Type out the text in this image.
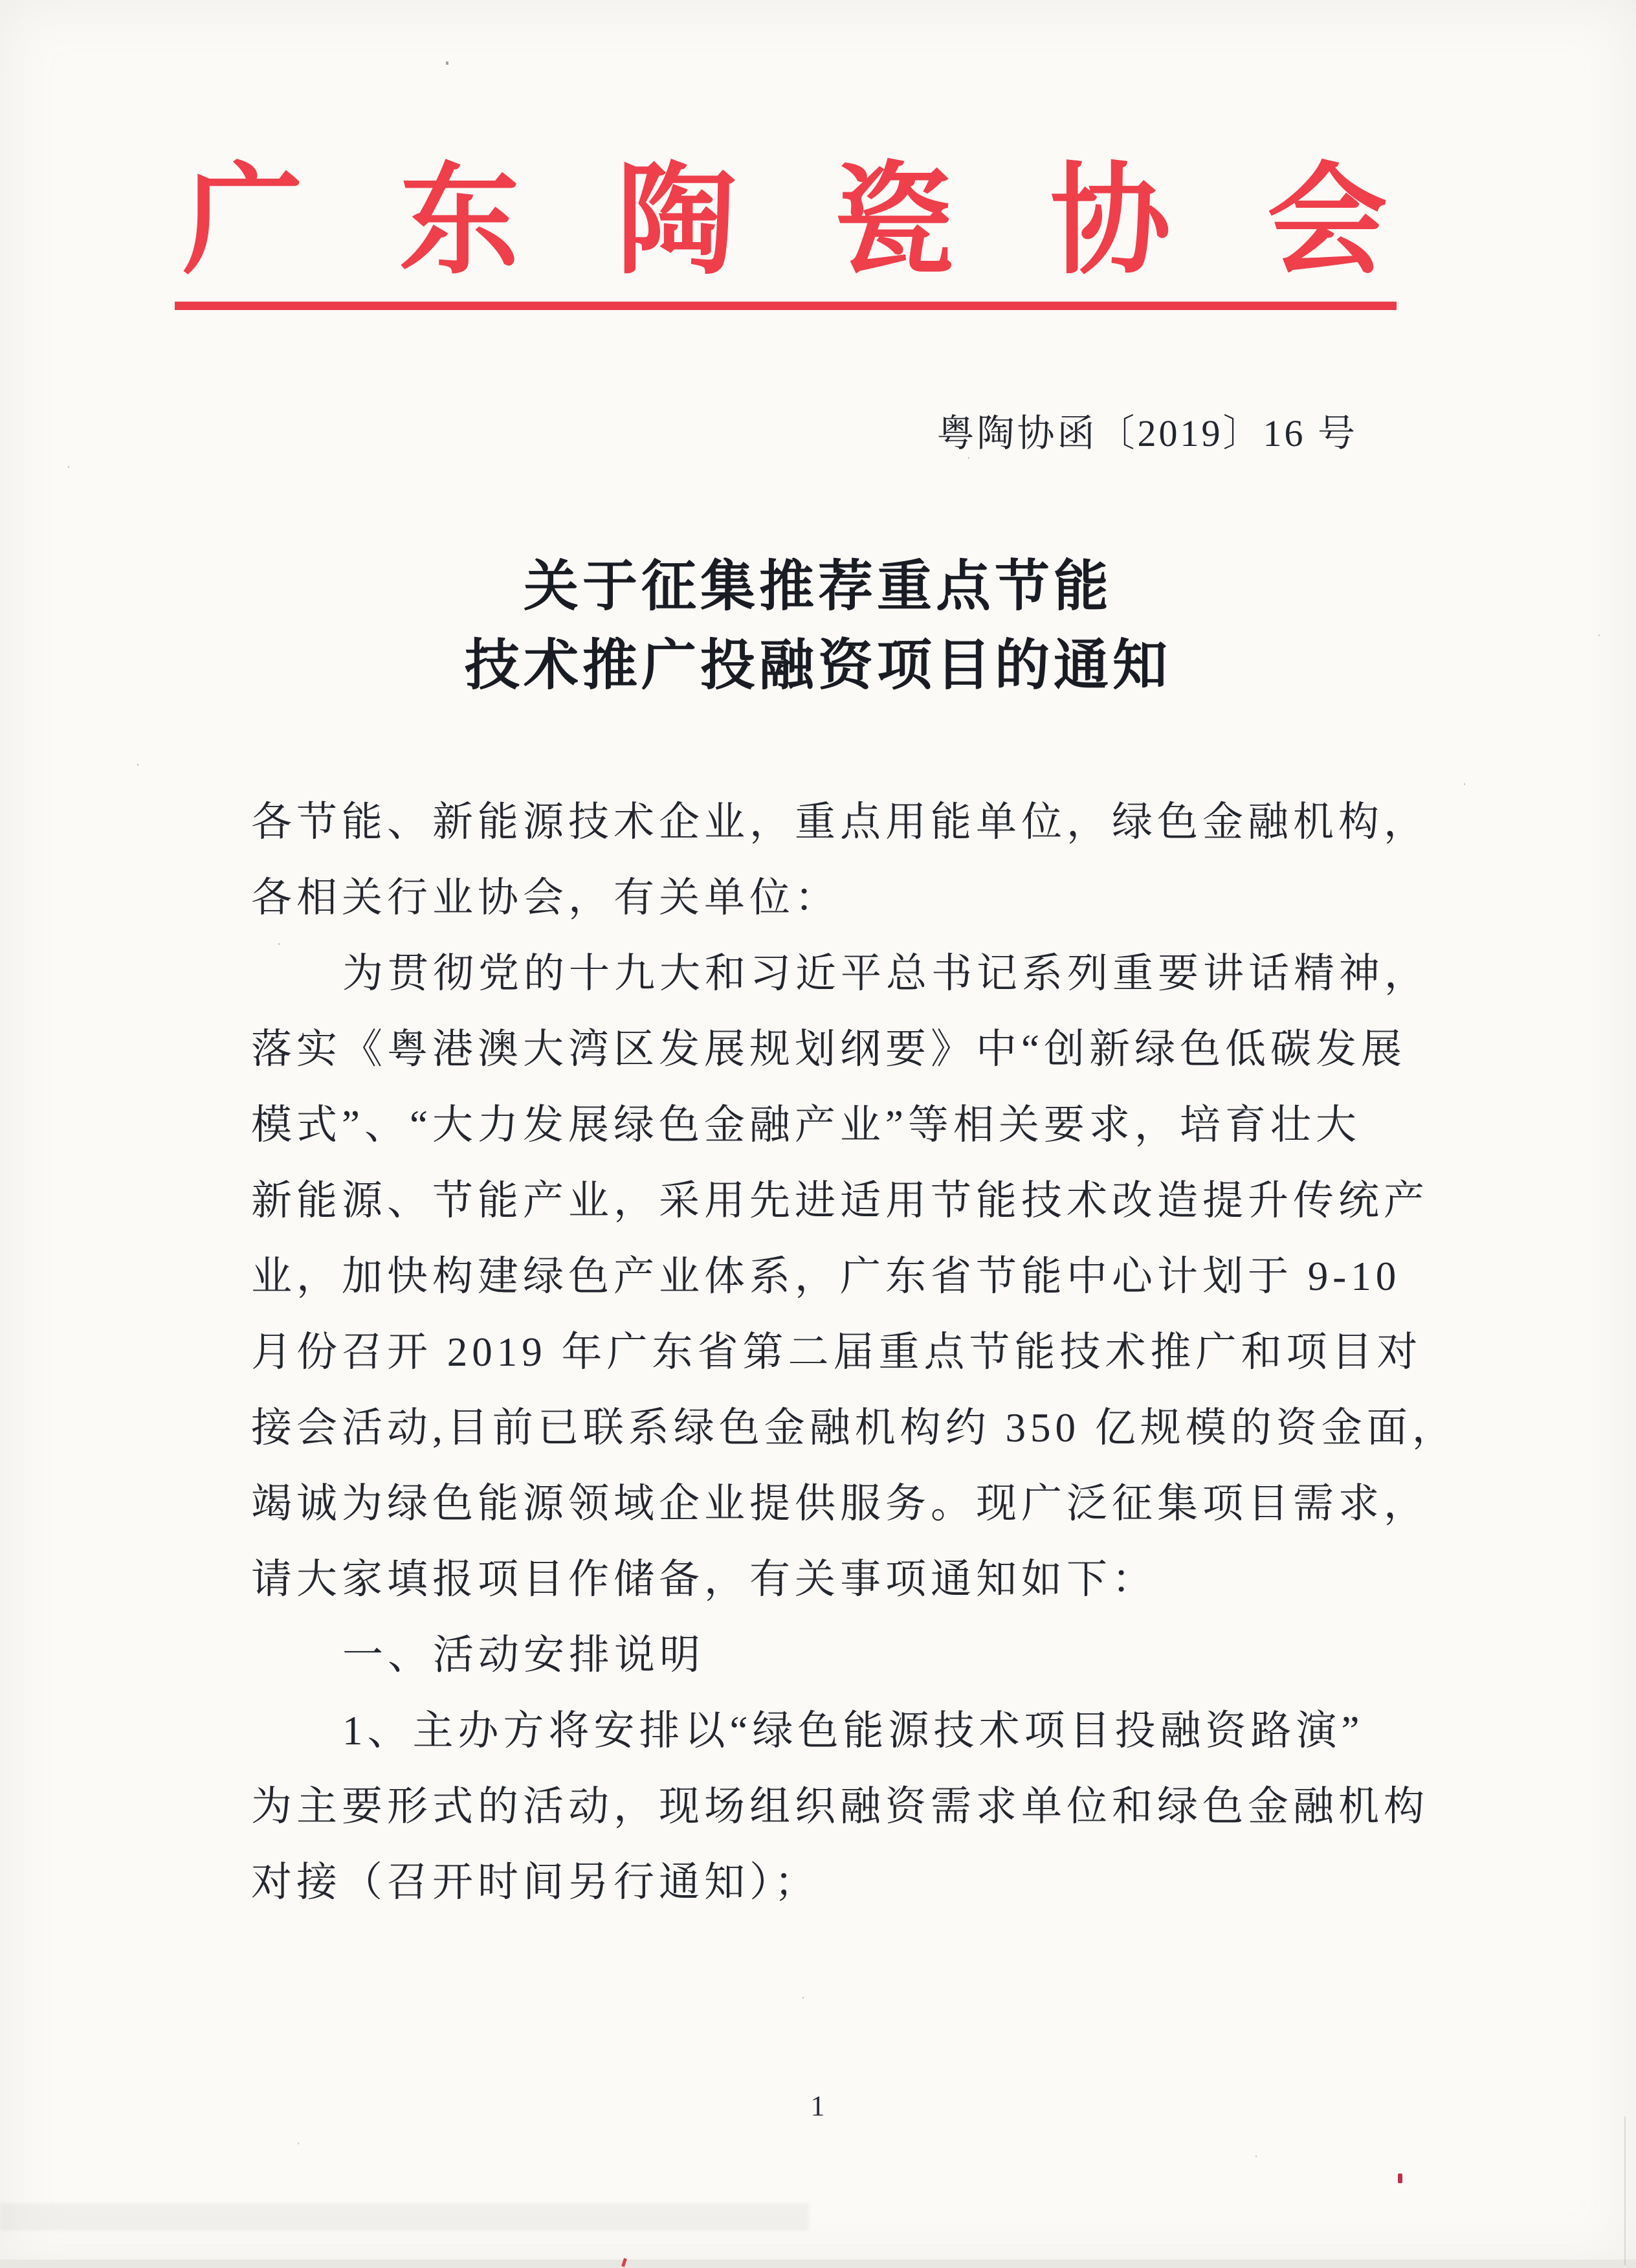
广 东 陶 瓷 协 会
粤陶协函〔2019〕16 号
关于征集推荐重点节能
技术推广投融资项目的通知
各节能、新能源技术企业，重点用能单位，绿色金融机构，
各相关行业协会，有关单位：
为贯彻党的十九大和习近平总书记系列重要讲话精神，
落实《粤港澳大湾区发展规划纲要》中“创新绿色低碳发展
模式”、“大力发展绿色金融产业”等相关要求，培育壮大
新能源、节能产业，采用先进适用节能技术改造提升传统产
业，加快构建绿色产业体系，广东省节能中心计划于 9-10
月份召开 2019 年广东省第二届重点节能技术推广和项目对
接会活动,目前已联系绿色金融机构约 350 亿规模的资金面，
竭诚为绿色能源领域企业提供服务。现广泛征集项目需求，
请大家填报项目作储备，有关事项通知如下：
一、活动安排说明
1、主办方将安排以“绿色能源技术项目投融资路演”
为主要形式的活动，现场组织融资需求单位和绿色金融机构
对接（召开时间另行通知）；
1
